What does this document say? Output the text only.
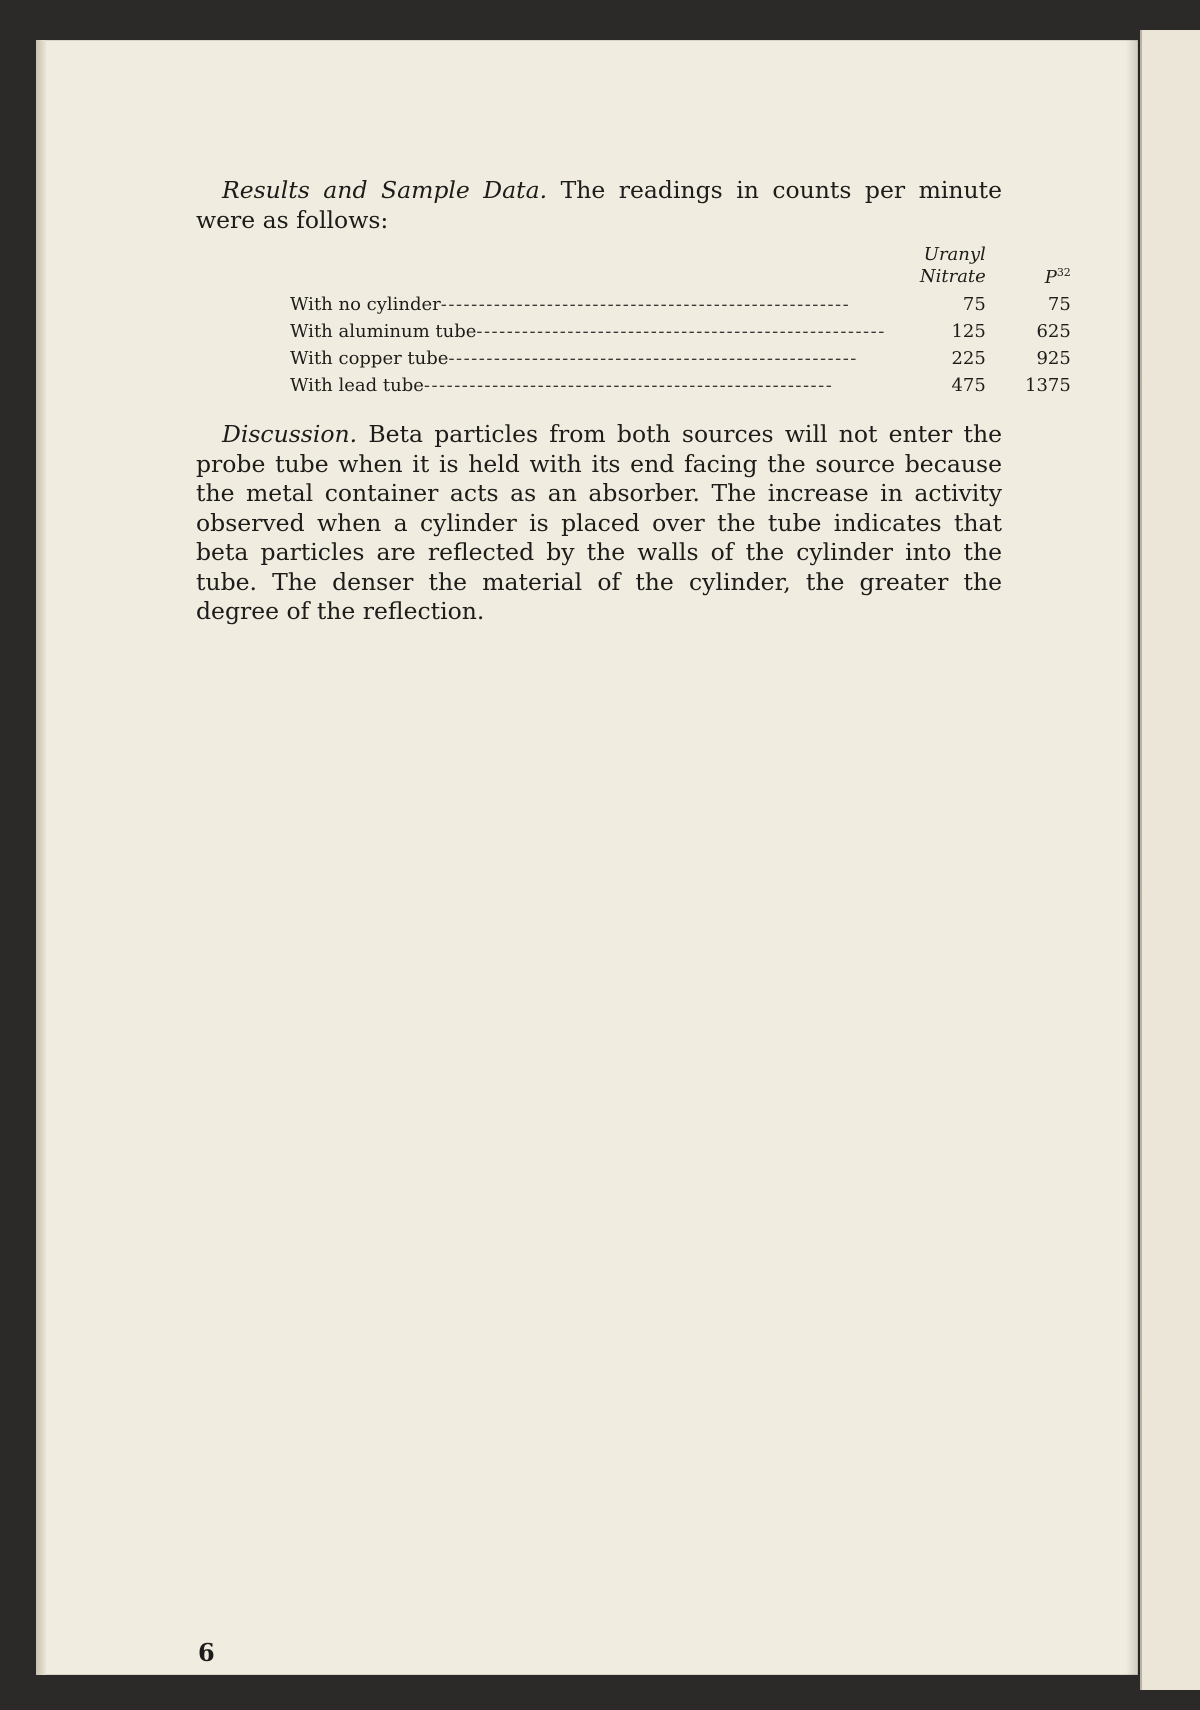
Results and Sample Data. The readings in counts per minute were as follows:

	Uranyl
Nitrate	$P^{32}$
With no cylinder------------------------------------------------------	75	75
With aluminum tube------------------------------------------------------	125	625
With copper tube------------------------------------------------------	225	925
With lead tube------------------------------------------------------	475	1375

Discussion. Beta particles from both sources will not enter the probe tube when it is held with its end facing the source because the metal container acts as an absorber. The increase in activity observed when a cylinder is placed over the tube indicates that beta particles are reflected by the walls of the cylinder into the tube. The denser the material of the cylinder, the greater the degree of the reflection.

6
